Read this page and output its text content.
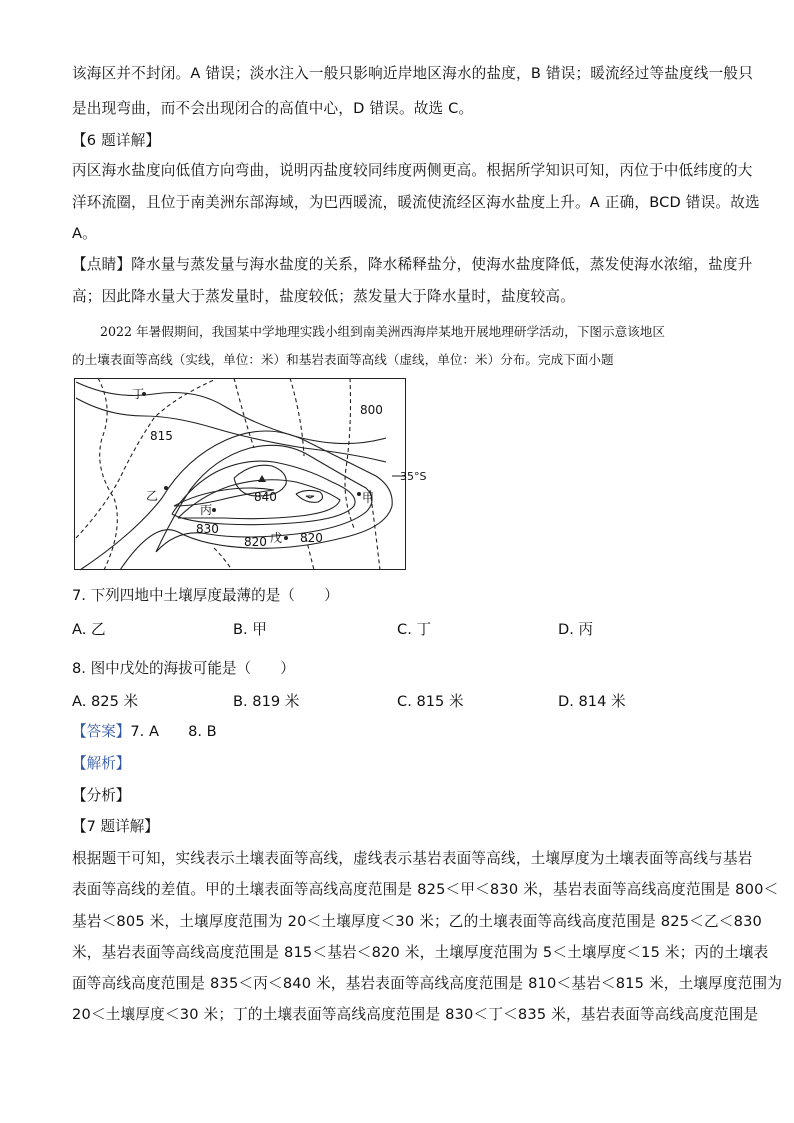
该海区并不封闭。A 错误；淡水注入一般只影响近岸地区海水的盐度，B 错误；暖流经过等盐度线一般只
是出现弯曲，而不会出现闭合的高值中心，D 错误。故选 C。
【6 题详解】
丙区海水盐度向低值方向弯曲，说明丙盐度较同纬度两侧更高。根据所学知识可知，丙位于中低纬度的大
洋环流圈，且位于南美洲东部海域，为巴西暖流，暖流使流经区海水盐度上升。A 正确，BCD 错误。故选
A。
【点睛】降水量与蒸发量与海水盐度的关系，降水稀释盐分，使海水盐度降低，蒸发使海水浓缩，盐度升
高；因此降水量大于蒸发量时，盐度较低；蒸发量大于降水量时，盐度较高。
2022 年暑假期间，我国某中学地理实践小组到南美洲西海岸某地开展地理研学活动，下图示意该地区
的土壤表面等高线（实线，单位：米）和基岩表面等高线（虚线，单位：米）分布。完成下面小题
800
815
840
830
820	820
35°S
丁
乙
丙
甲
戊
7. 下列四地中土壤厚度最薄的是（　　）
A. 乙	B. 甲	C. 丁	D. 丙
8. 图中戊处的海拔可能是（　　）
A. 825 米	B. 819 米	C. 815 米	D. 814 米
【答案】7. A　　8. B
【解析】
【分析】
【7 题详解】
根据题干可知，实线表示土壤表面等高线，虚线表示基岩表面等高线，土壤厚度为土壤表面等高线与基岩
表面等高线的差值。甲的土壤表面等高线高度范围是 825＜甲＜830 米，基岩表面等高线高度范围是 800＜
基岩＜805 米，土壤厚度范围为 20＜土壤厚度＜30 米；乙的土壤表面等高线高度范围是 825＜乙＜830
米，基岩表面等高线高度范围是 815＜基岩＜820 米，土壤厚度范围为 5＜土壤厚度＜15 米；丙的土壤表
面等高线高度范围是 835＜丙＜840 米，基岩表面等高线高度范围是 810＜基岩＜815 米，土壤厚度范围为
20＜土壤厚度＜30 米；丁的土壤表面等高线高度范围是 830＜丁＜835 米，基岩表面等高线高度范围是
